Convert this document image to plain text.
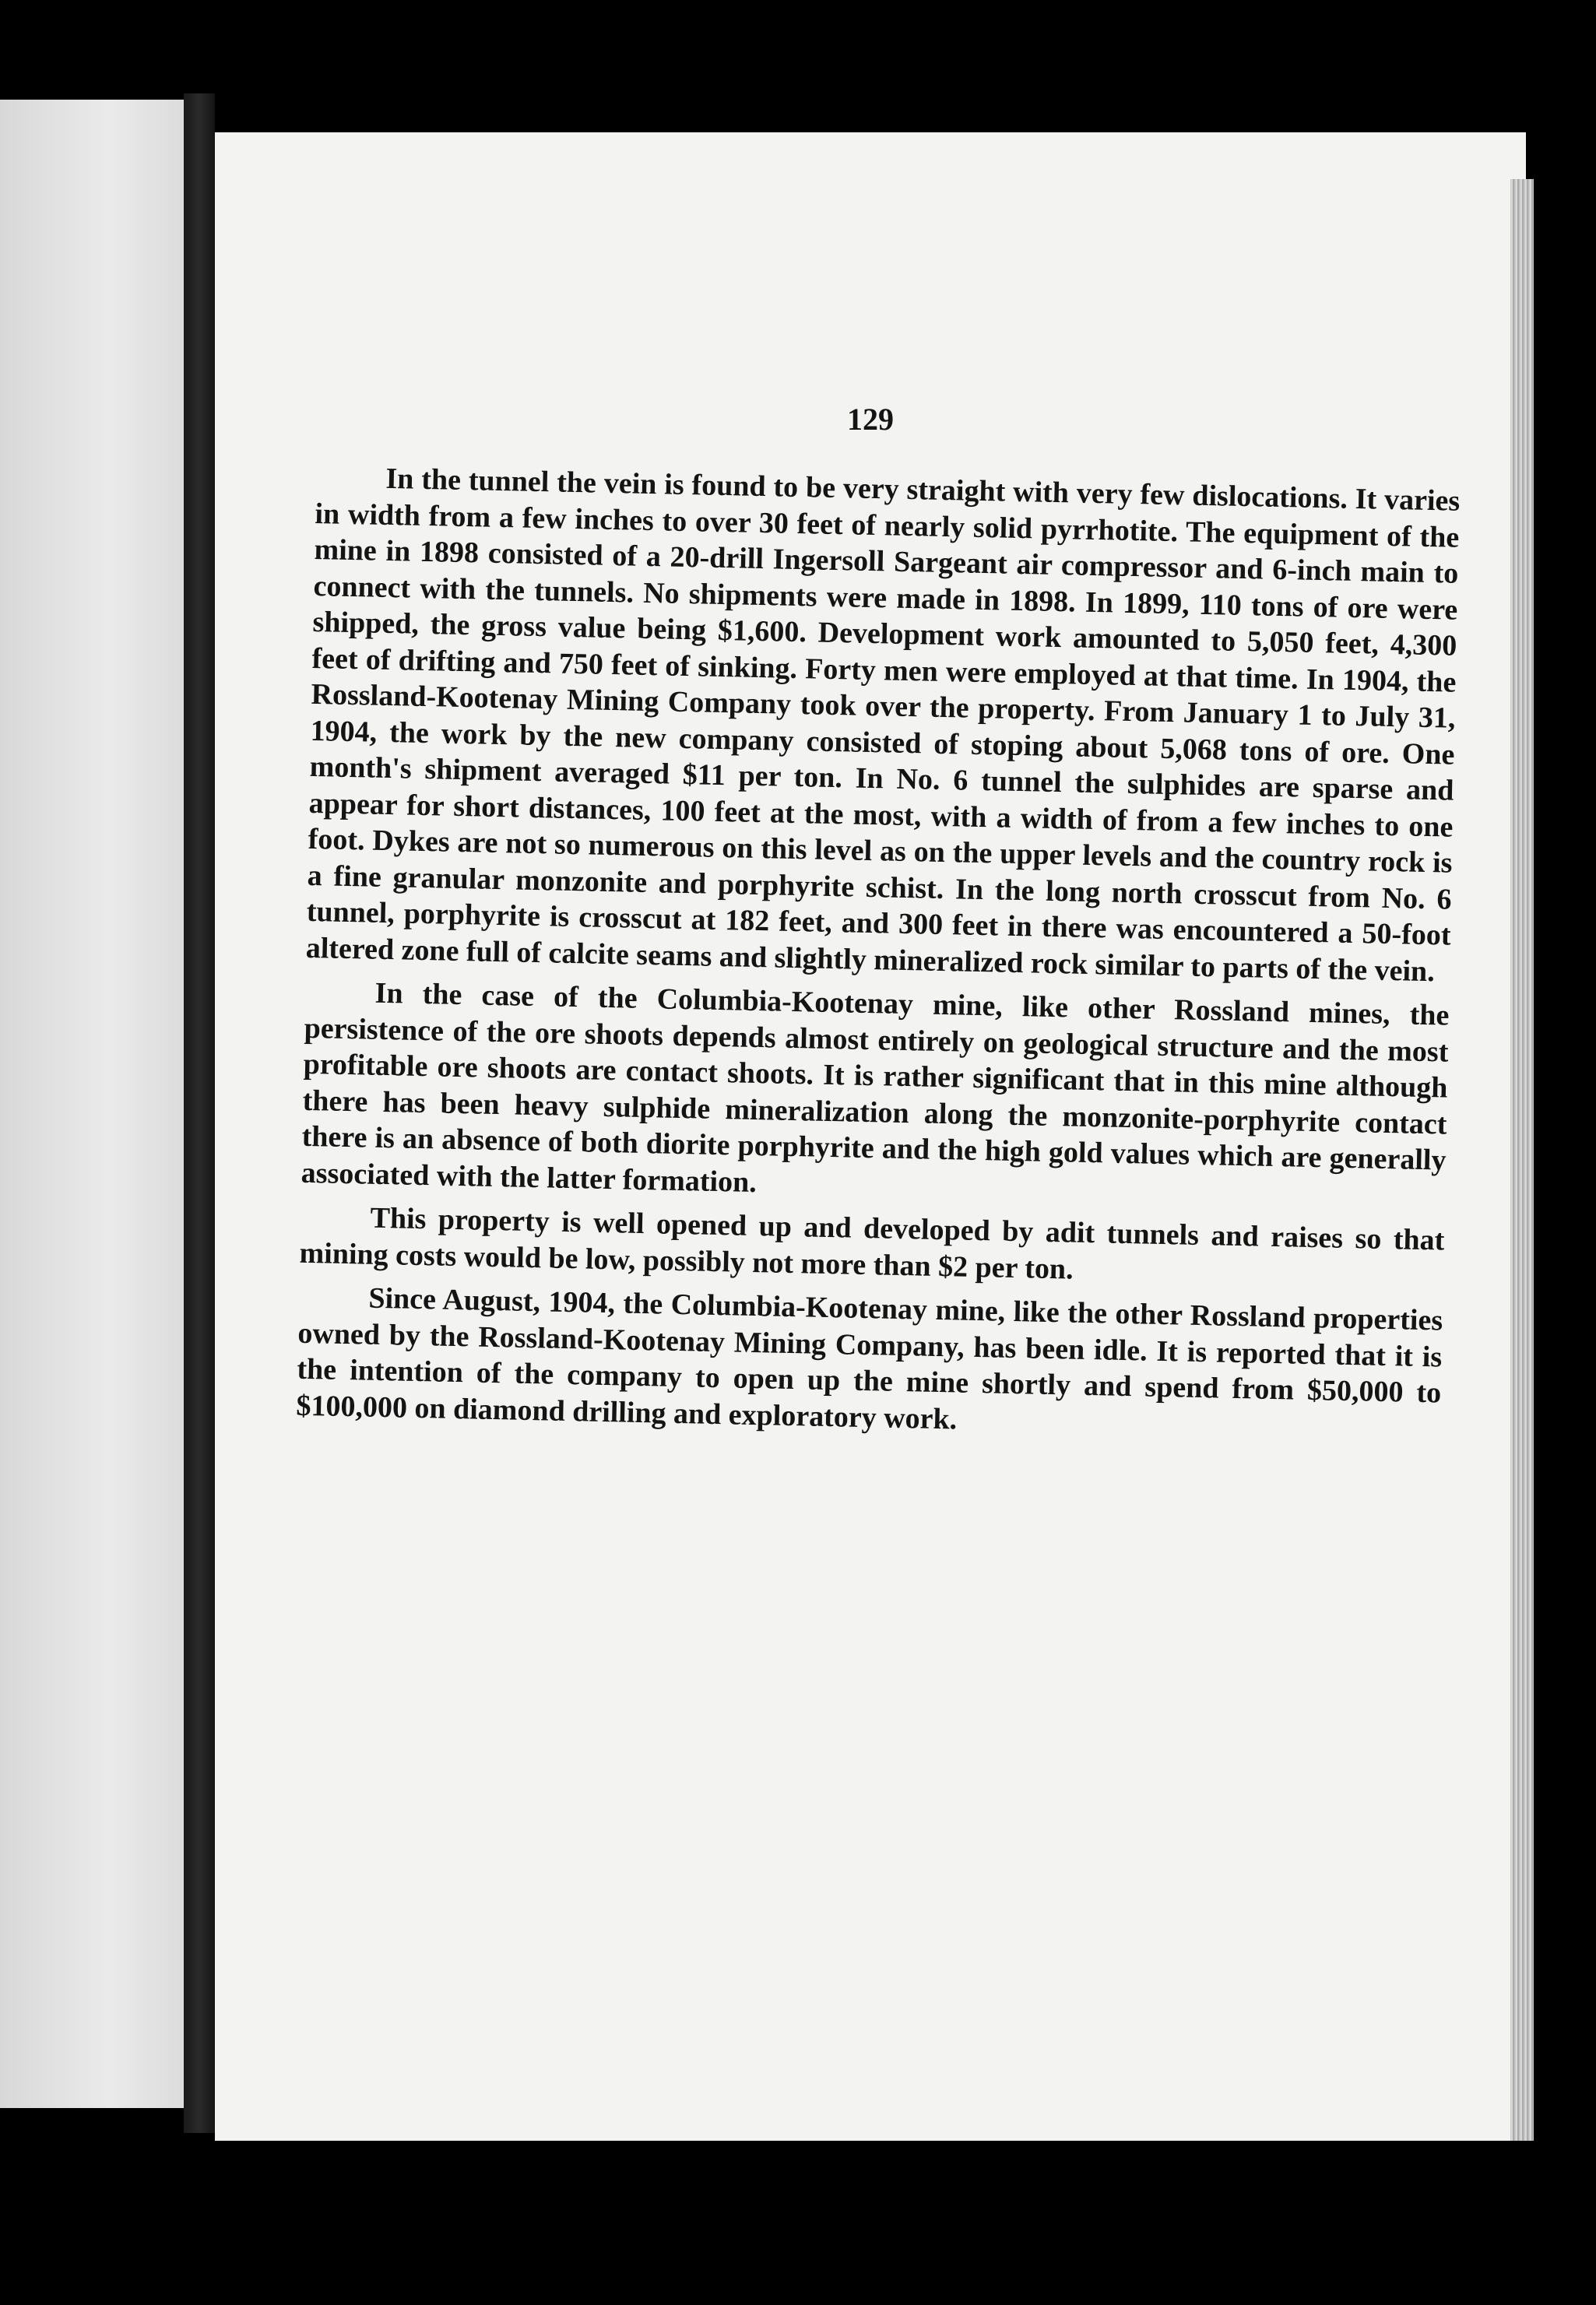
129

In the tunnel the vein is found to be very straight with very few dislocations. It varies in width from a few inches to over 30 feet of nearly solid pyrrhotite. The equipment of the mine in 1898 consisted of a 20-drill Ingersoll Sargeant air compressor and 6-inch main to connect with the tunnels. No shipments were made in 1898. In 1899, 110 tons of ore were shipped, the gross value being $1,600. Development work amounted to 5,050 feet, 4,300 feet of drifting and 750 feet of sinking. Forty men were employed at that time. In 1904, the Rossland-Kootenay Mining Company took over the property. From January 1 to July 31, 1904, the work by the new company consisted of stoping about 5,068 tons of ore. One month's shipment averaged $11 per ton. In No. 6 tunnel the sulphides are sparse and appear for short distances, 100 feet at the most, with a width of from a few inches to one foot. Dykes are not so numerous on this level as on the upper levels and the country rock is a fine granular monzonite and porphyrite schist. In the long north crosscut from No. 6 tunnel, porphyrite is crosscut at 182 feet, and 300 feet in there was encountered a 50-foot altered zone full of calcite seams and slightly mineralized rock similar to parts of the vein.

In the case of the Columbia-Kootenay mine, like other Rossland mines, the persistence of the ore shoots depends almost entirely on geological structure and the most profitable ore shoots are contact shoots. It is rather significant that in this mine although there has been heavy sulphide mineralization along the monzonite-porphyrite contact there is an absence of both diorite porphyrite and the high gold values which are generally associated with the latter formation.

This property is well opened up and developed by adit tunnels and raises so that mining costs would be low, possibly not more than $2 per ton.

Since August, 1904, the Columbia-Kootenay mine, like the other Rossland properties owned by the Rossland-Kootenay Mining Company, has been idle. It is reported that it is the intention of the company to open up the mine shortly and spend from $50,000 to $100,000 on diamond drilling and exploratory work.
